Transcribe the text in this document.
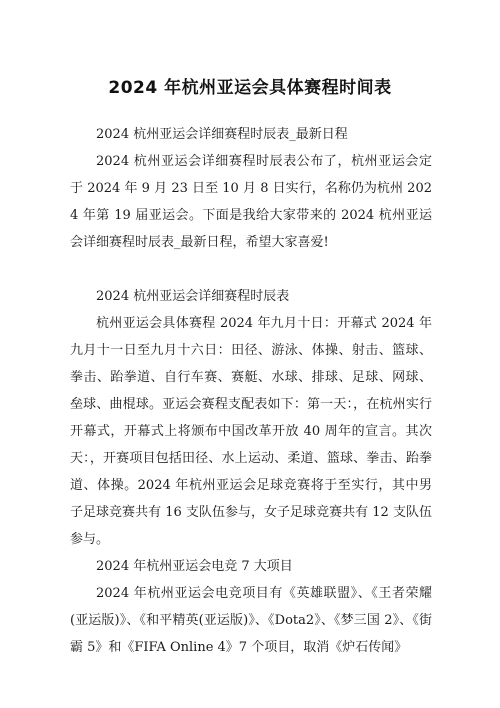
2024 年杭州亚运会具体赛程时间表

2024 杭州亚运会详细赛程时辰表_最新日程

2024 杭州亚运会详细赛程时辰表公布了，杭州亚运会定于 2024 年 9 月 23 日至 10 月 8 日实行，名称仍为杭州 2024 年第 19 届亚运会。下面是我给大家带来的 2024 杭州亚运会详细赛程时辰表_最新日程，希望大家喜爱!

2024 杭州亚运会详细赛程时辰表

杭州亚运会具体赛程 2024 年九月十日：开幕式 2024 年九月十一日至九月十六日：田径、游泳、体操、射击、篮球、拳击、跆拳道、自行车赛、赛艇、水球、排球、足球、网球、垒球、曲棍球。亚运会赛程支配表如下：第一天：，在杭州实行开幕式，开幕式上将颁布中国改革开放 40 周年的宣言。其次天：，开赛项目包括田径、水上运动、柔道、篮球、拳击、跆拳道、体操。2024 年杭州亚运会足球竞赛将于至实行，其中男子足球竞赛共有 16 支队伍参与，女子足球竞赛共有 12 支队伍参与。

2024 年杭州亚运会电竞 7 大项目

2024 年杭州亚运会电竞项目有《英雄联盟》、《王者荣耀(亚运版)》、《和平精英(亚运版)》、《Dota2》、《梦三国 2》、《街霸 5》和《FIFA Online 4》7 个项目，取消《炉石传闻》
